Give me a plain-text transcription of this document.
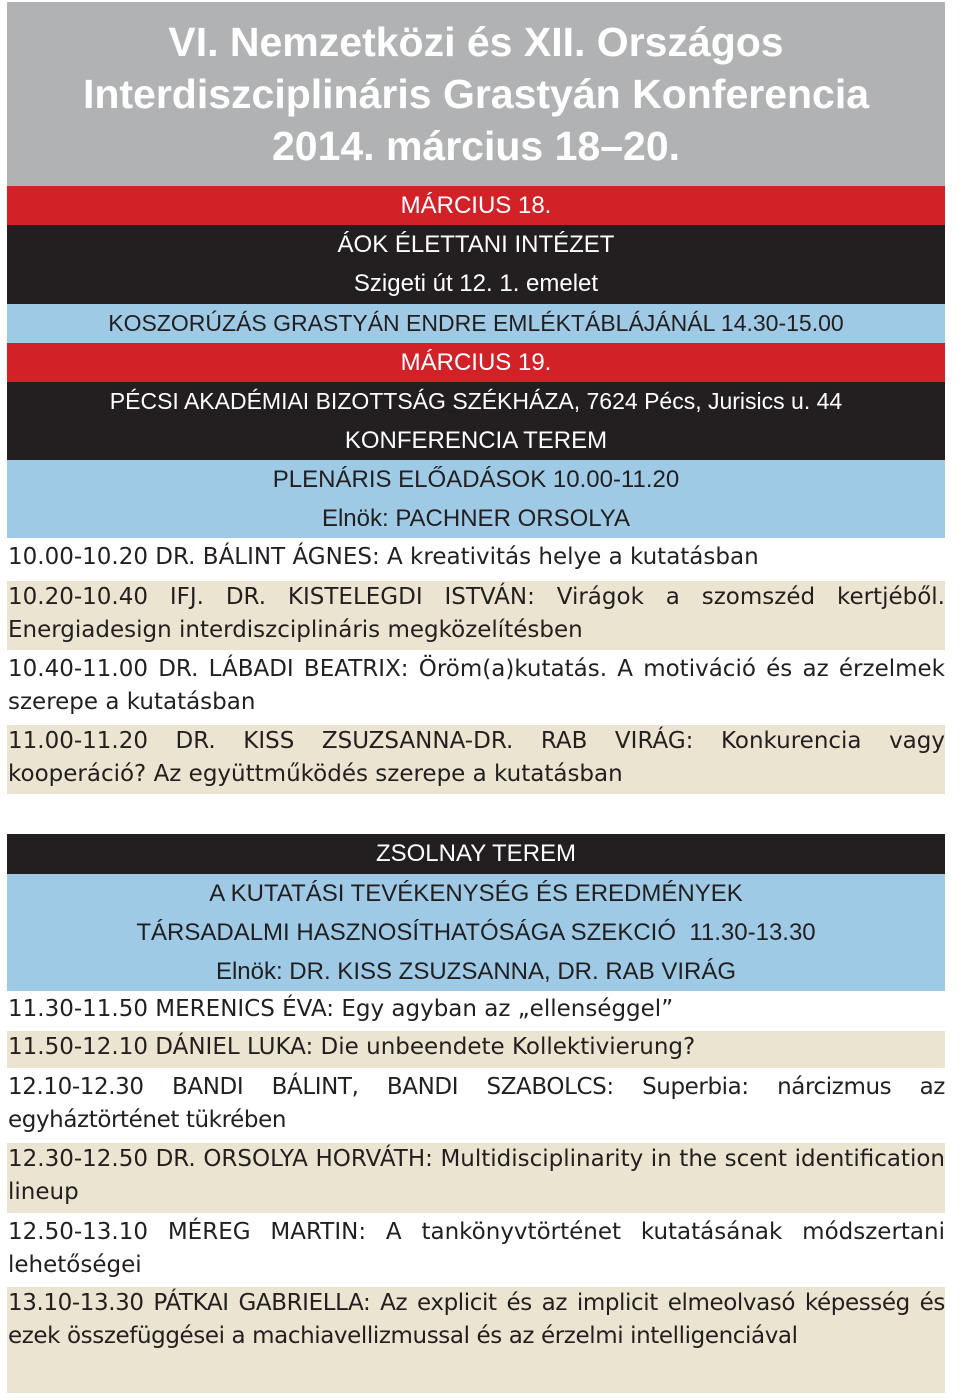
VI. Nemzetközi és XII. Országos
Interdiszciplináris Grastyán Konferencia
2014. március 18–20.
MÁRCIUS 18.
ÁOK ÉLETTANI INTÉZET
Szigeti út 12. 1. emelet
KOSZORÚZÁS GRASTYÁN ENDRE EMLÉKTÁBLÁJÁNÁL 14.30-15.00
MÁRCIUS 19.
PÉCSI AKADÉMIAI BIZOTTSÁG SZÉKHÁZA, 7624 Pécs, Jurisics u. 44
KONFERENCIA TEREM
PLENÁRIS ELŐADÁSOK 10.00-11.20
Elnök: PACHNER ORSOLYA
10.00-10.20 DR. BÁLINT ÁGNES: A kreativitás helye a kutatásban
10.20-10.40 IFJ. DR. KISTELEGDI ISTVÁN: Virágok a szomszéd kertjéből. Energiadesign interdiszciplináris megközelítésben
10.40-11.00 DR. LÁBADI BEATRIX: Öröm(a)kutatás. A motiváció és az érzelmek szerepe a kutatásban
11.00-11.20 DR. KISS ZSUZSANNA-DR. RAB VIRÁG: Konkurencia vagy kooperáció? Az együttműködés szerepe a kutatásban
ZSOLNAY TEREM
A KUTATÁSI TEVÉKENYSÉG ÉS EREDMÉNYEK
TÁRSADALMI HASZNOSÍTHATÓSÁGA SZEKCIÓ  11.30-13.30
Elnök: DR. KISS ZSUZSANNA, DR. RAB VIRÁG
11.30-11.50 MERENICS ÉVA: Egy agyban az „ellenséggel”
11.50-12.10 DÁNIEL LUKA: Die unbeendete Kollektivierung?
12.10-12.30 BANDI BÁLINT, BANDI SZABOLCS: Superbia: nárcizmus az egyháztörténet tükrében
12.30-12.50 DR. ORSOLYA HORVÁTH: Multidisciplinarity in the scent identification lineup
12.50-13.10 MÉREG MARTIN: A tankönyvtörténet kutatásának módszertani lehetőségei
13.10-13.30 PÁTKAI GABRIELLA: Az explicit és az implicit elmeolvasó képesség és ezek összefüggései a machiavellizmussal és az érzelmi intelligenciával
